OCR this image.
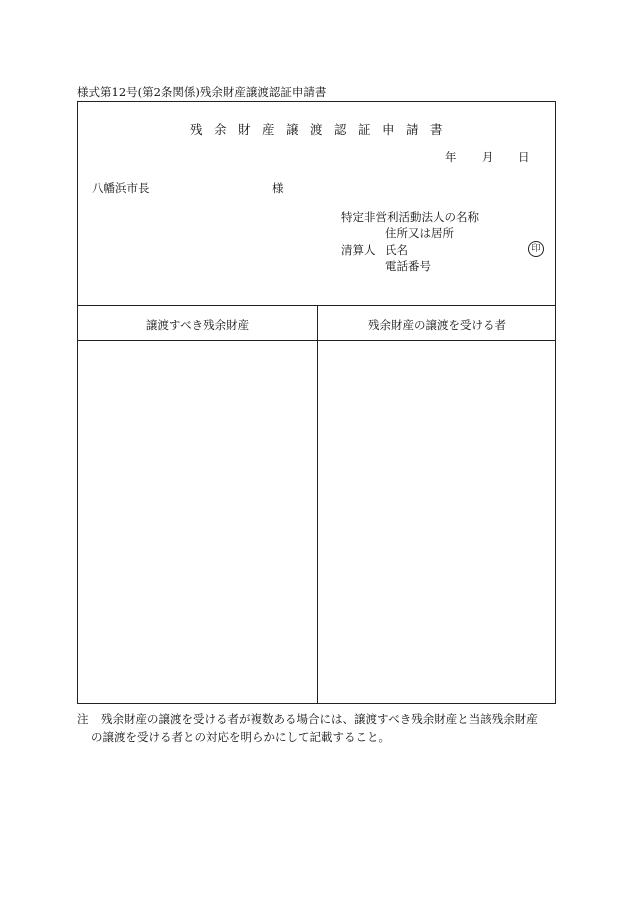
様式第12号(第2条関係)残余財産譲渡認証申請書
残余財産譲渡認証申請書
年 月 日
八幡浜市長	様
特定非営利活動法人の名称
住所又は居所
清算人 氏名	印
電話番号
譲渡すべき残余財産	残余財産の譲渡を受ける者
注 残余財産の譲渡を受ける者が複数ある場合には、譲渡すべき残余財産と当該残余財産
の譲渡を受ける者との対応を明らかにして記載すること。
